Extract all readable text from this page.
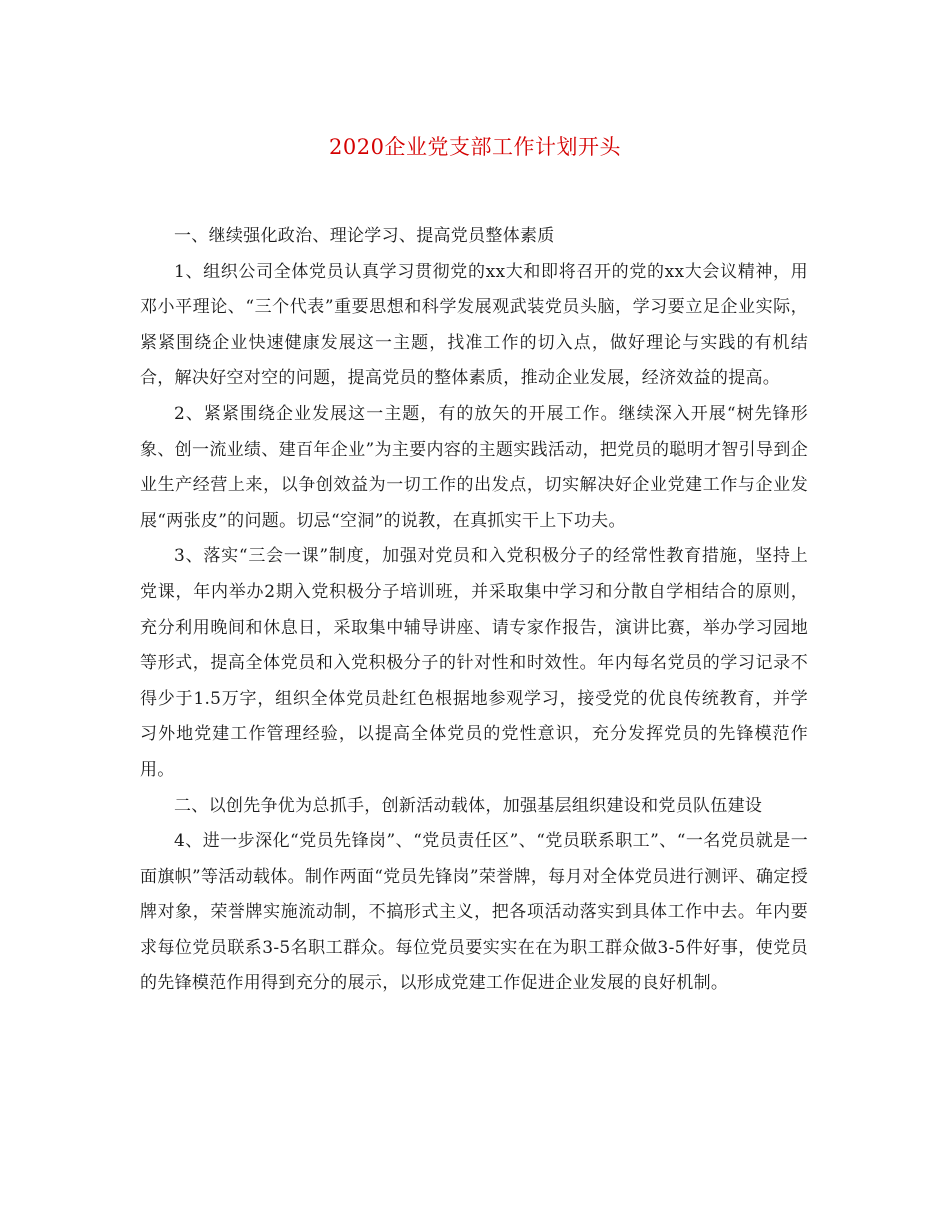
2020企业党支部工作计划开头

一、继续强化政治、理论学习、提高党员整体素质

1、组织公司全体党员认真学习贯彻党的xx大和即将召开的党的xx大会议精神，用邓小平理论、“三个代表”重要思想和科学发展观武装党员头脑，学习要立足企业实际，紧紧围绕企业快速健康发展这一主题，找准工作的切入点，做好理论与实践的有机结合，解决好空对空的问题，提高党员的整体素质，推动企业发展，经济效益的提高。

2、紧紧围绕企业发展这一主题，有的放矢的开展工作。继续深入开展“树先锋形象、创一流业绩、建百年企业”为主要内容的主题实践活动，把党员的聪明才智引导到企业生产经营上来，以争创效益为一切工作的出发点，切实解决好企业党建工作与企业发展“两张皮”的问题。切忌“空洞”的说教，在真抓实干上下功夫。

3、落实“三会一课”制度，加强对党员和入党积极分子的经常性教育措施，坚持上党课，年内举办2期入党积极分子培训班，并采取集中学习和分散自学相结合的原则，充分利用晚间和休息日，采取集中辅导讲座、请专家作报告，演讲比赛，举办学习园地等形式，提高全体党员和入党积极分子的针对性和时效性。年内每名党员的学习记录不得少于1.5万字，组织全体党员赴红色根据地参观学习，接受党的优良传统教育，并学习外地党建工作管理经验，以提高全体党员的党性意识，充分发挥党员的先锋模范作用。

二、以创先争优为总抓手，创新活动载体，加强基层组织建设和党员队伍建设

4、进一步深化“党员先锋岗”、“党员责任区”、“党员联系职工”、“一名党员就是一面旗帜”等活动载体。制作两面“党员先锋岗”荣誉牌，每月对全体党员进行测评、确定授牌对象，荣誉牌实施流动制，不搞形式主义，把各项活动落实到具体工作中去。年内要求每位党员联系3-5名职工群众。每位党员要实实在在为职工群众做3-5件好事，使党员的先锋模范作用得到充分的展示，以形成党建工作促进企业发展的良好机制。
